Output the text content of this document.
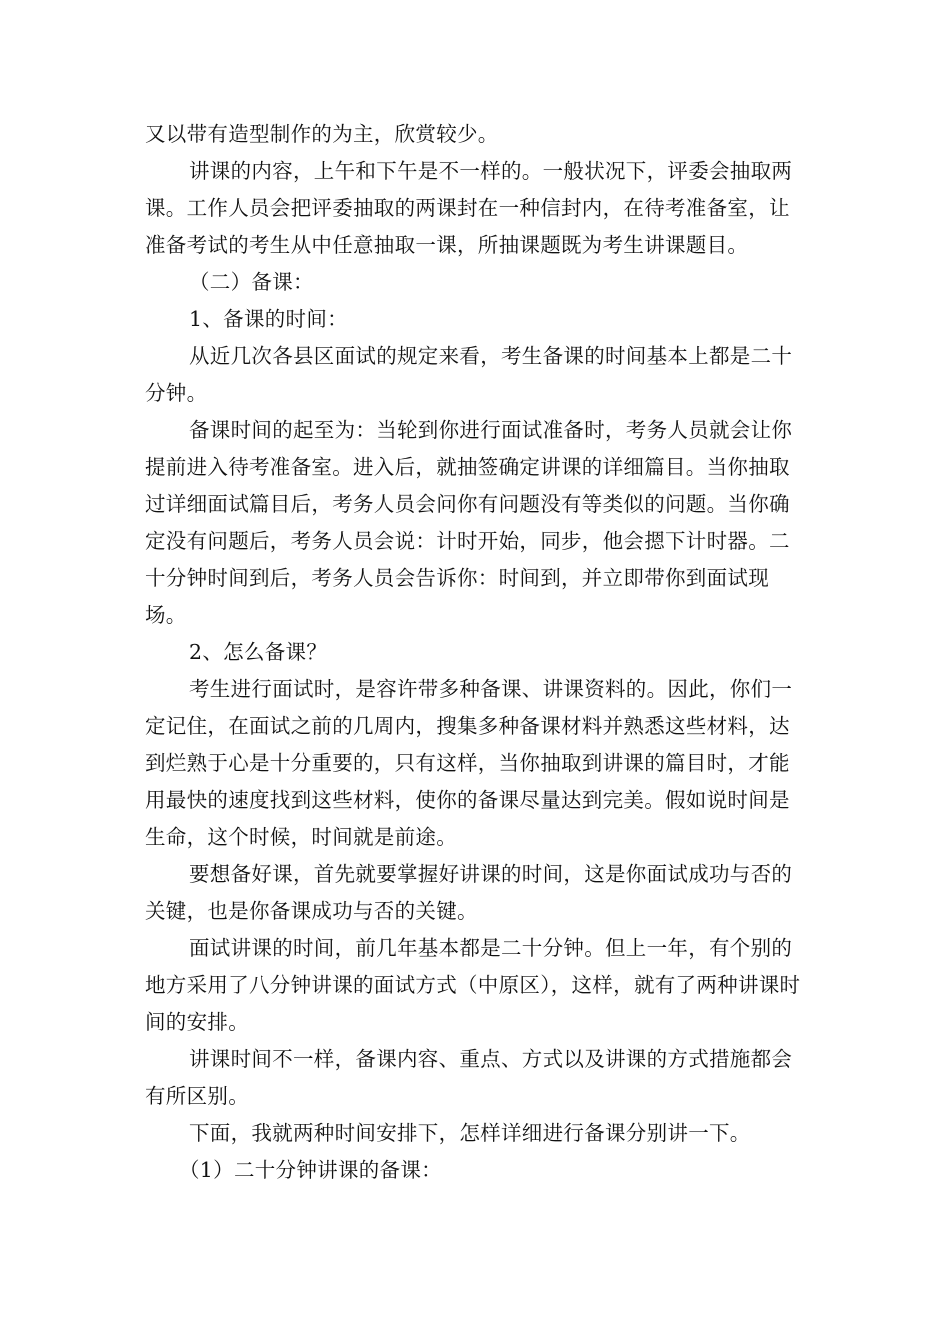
又以带有造型制作的为主，欣赏较少。

讲课的内容，上午和下午是不一样的。一般状况下，评委会抽取两课。工作人员会把评委抽取的两课封在一种信封内，在待考准备室，让准备考试的考生从中任意抽取一课，所抽课题既为考生讲课题目。

（二）备课：

1、备课的时间：

从近几次各县区面试的规定来看，考生备课的时间基本上都是二十分钟。

备课时间的起至为：当轮到你进行面试准备时，考务人员就会让你提前进入待考准备室。进入后，就抽签确定讲课的详细篇目。当你抽取过详细面试篇目后，考务人员会问你有问题没有等类似的问题。当你确定没有问题后，考务人员会说：计时开始，同步，他会摁下计时器。二十分钟时间到后，考务人员会告诉你：时间到，并立即带你到面试现场。

2、怎么备课？

考生进行面试时，是容许带多种备课、讲课资料的。因此，你们一定记住，在面试之前的几周内，搜集多种备课材料并熟悉这些材料，达到烂熟于心是十分重要的，只有这样，当你抽取到讲课的篇目时，才能用最快的速度找到这些材料，使你的备课尽量达到完美。假如说时间是生命，这个时候，时间就是前途。

要想备好课，首先就要掌握好讲课的时间，这是你面试成功与否的关键，也是你备课成功与否的关键。

面试讲课的时间，前几年基本都是二十分钟。但上一年，有个别的地方采用了八分钟讲课的面试方式（中原区），这样，就有了两种讲课时间的安排。

讲课时间不一样，备课内容、重点、方式以及讲课的方式措施都会有所区别。

下面，我就两种时间安排下，怎样详细进行备课分别讲一下。

（1）二十分钟讲课的备课：
